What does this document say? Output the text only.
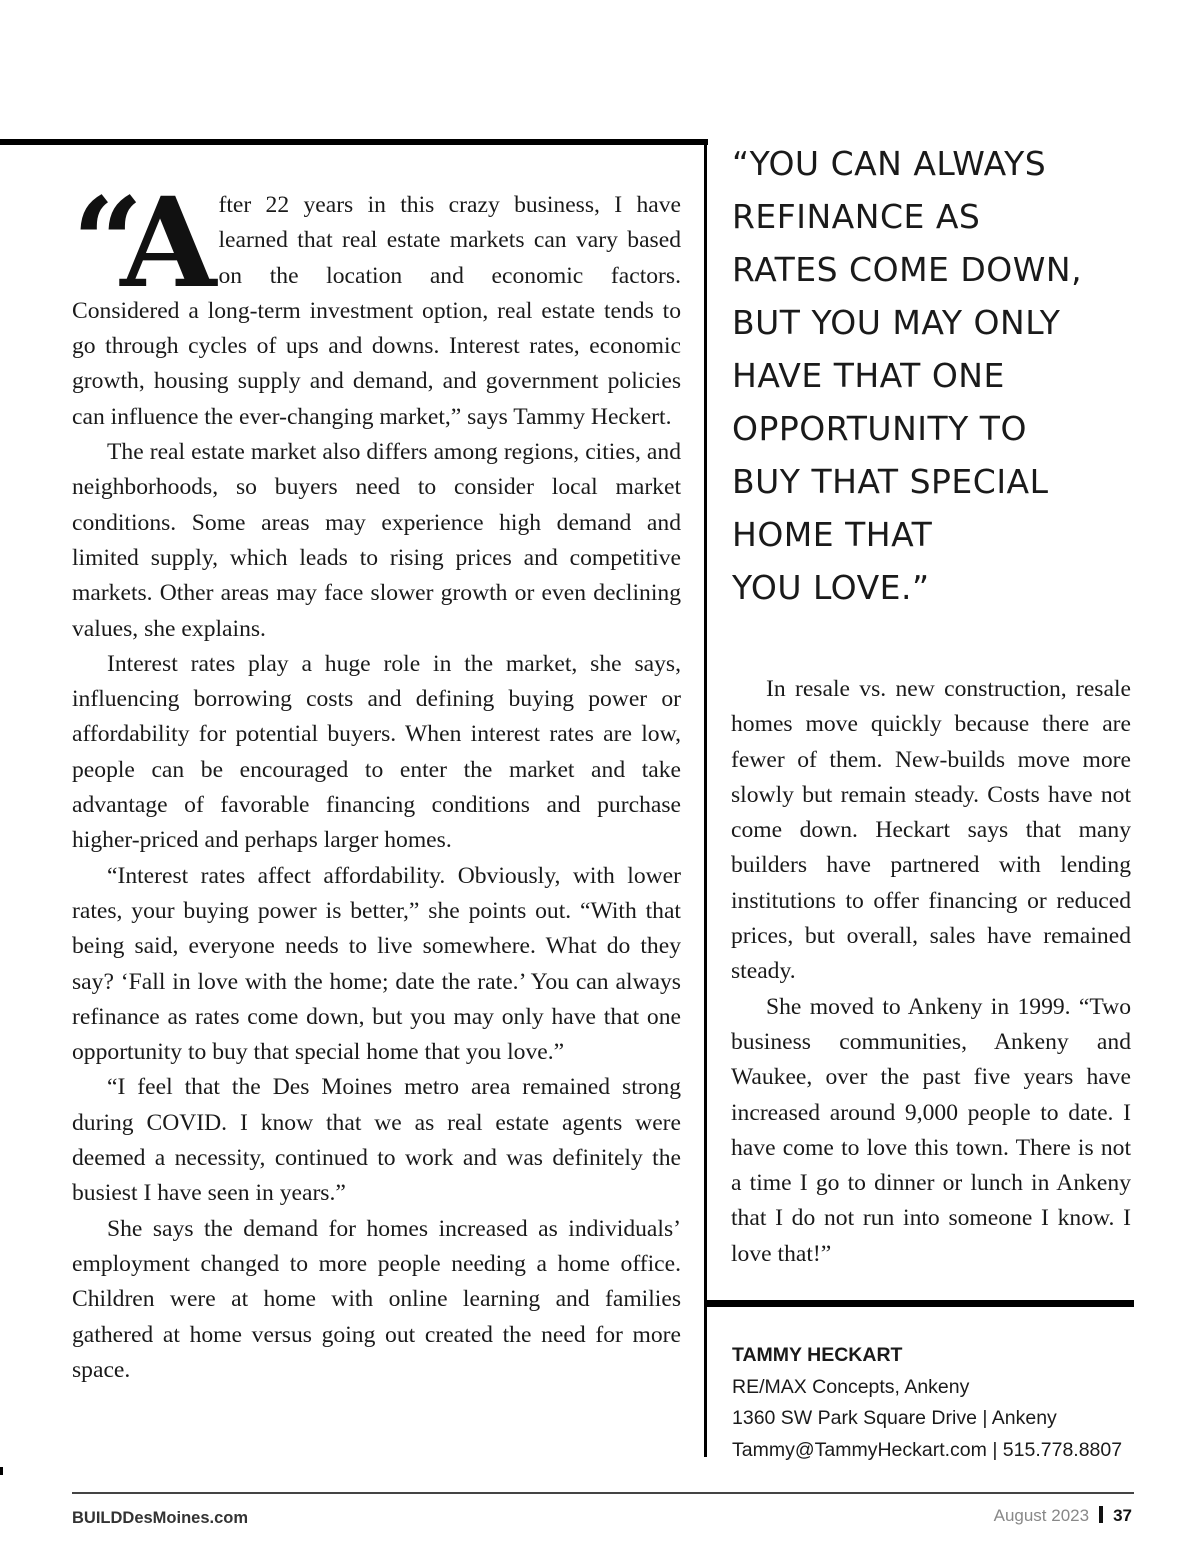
“After 22 years in this crazy business, I have learned that real estate markets can vary based on the location and economic factors. Considered a long-term investment option, real estate tends to go through cycles of ups and downs. Interest rates, economic growth, housing supply and demand, and government policies can influence the ever-changing market,” says Tammy Heckert.

The real estate market also differs among regions, cities, and neighborhoods, so buyers need to consider local market conditions. Some areas may experience high demand and limited supply, which leads to rising prices and competitive markets. Other areas may face slower growth or even declining values, she explains.

Interest rates play a huge role in the market, she says, influencing borrowing costs and defining buying power or affordability for potential buyers. When interest rates are low, people can be encouraged to enter the market and take advantage of favorable financing conditions and purchase higher-priced and perhaps larger homes.

“Interest rates affect affordability. Obviously, with lower rates, your buying power is better,” she points out. “With that being said, everyone needs to live somewhere. What do they say? ‘Fall in love with the home; date the rate.’ You can always refinance as rates come down, but you may only have that one opportunity to buy that special home that you love.”

“I feel that the Des Moines metro area remained strong during COVID. I know that we as real estate agents were deemed a necessity, continued to work and was definitely the busiest I have seen in years.”

She says the demand for homes increased as individuals’ employment changed to more people needing a home office. Children were at home with online learning and families gathered at home versus going out created the need for more space.

“YOU CAN ALWAYS
REFINANCE AS
RATES COME DOWN,
BUT YOU MAY ONLY
HAVE THAT ONE
OPPORTUNITY TO
BUY THAT SPECIAL
HOME THAT
YOU LOVE.”

In resale vs. new construction, resale homes move quickly because there are fewer of them. New-builds move more slowly but remain steady. Costs have not come down. Heckart says that many builders have partnered with lending institutions to offer financing or reduced prices, but overall, sales have remained steady.

She moved to Ankeny in 1999. “Two business communities, Ankeny and Waukee, over the past five years have increased around 9,000 people to date. I have come to love this town. There is not a time I go to dinner or lunch in Ankeny that I do not run into someone I know. I love that!”

TAMMY HECKART
RE/MAX Concepts, Ankeny
1360 SW Park Square Drive | Ankeny
Tammy@TammyHeckart.com | 515.778.8807
BUILDDesMoines.com	August 2023 37
